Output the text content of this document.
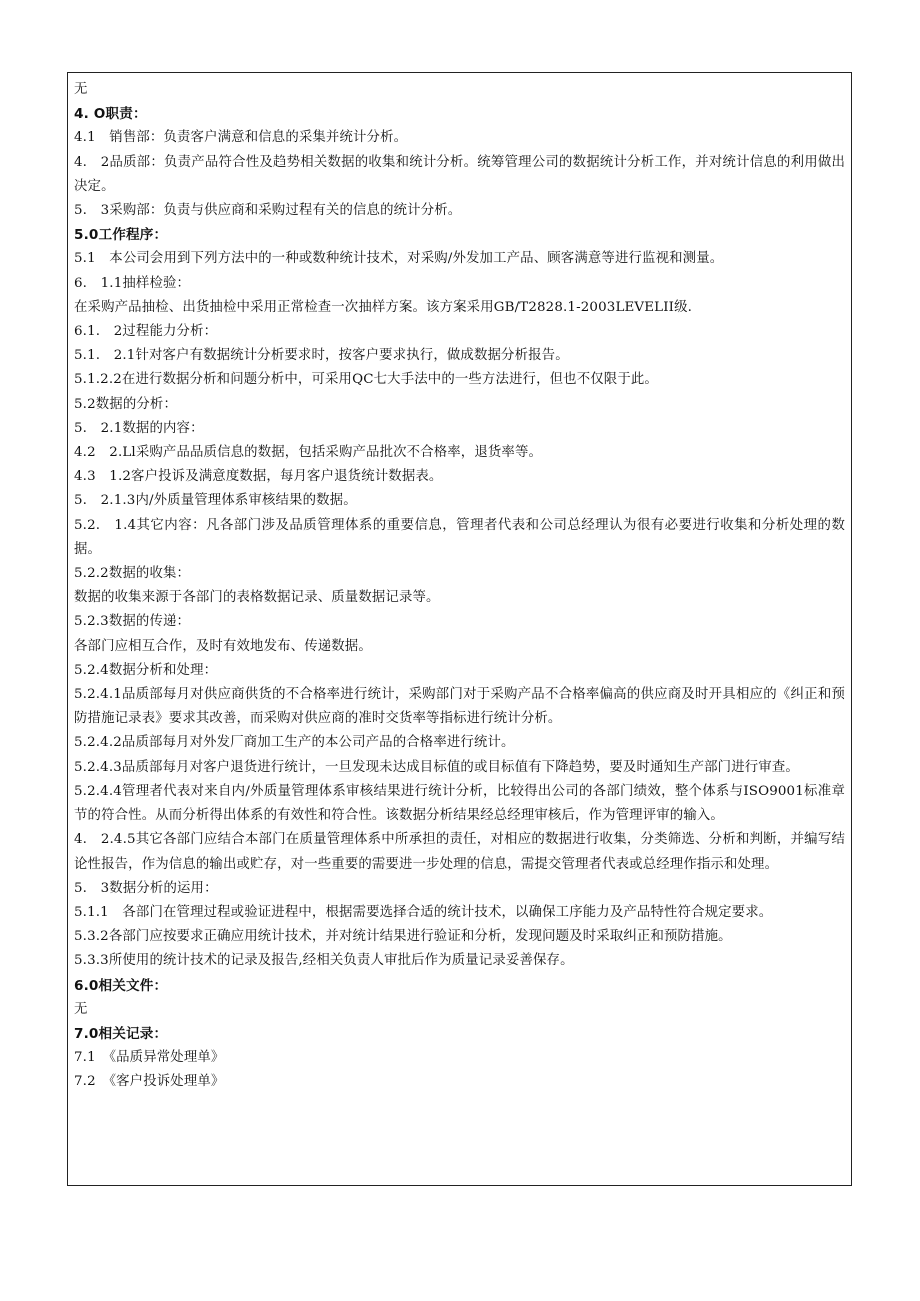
无
4. O职责：
4.1　销售部：负责客户满意和信息的采集并统计分析。
4.　2品质部：负责产品符合性及趋势相关数据的收集和统计分析。统筹管理公司的数据统计分析工作，并对统计信息的利用做出决定。
5.　3采购部：负责与供应商和采购过程有关的信息的统计分析。
5.0工作程序：
5.1　本公司会用到下列方法中的一种或数种统计技术，对采购/外发加工产品、顾客满意等进行监视和测量。
6.　1.1抽样检验：
在采购产品抽检、出货抽检中采用正常检查一次抽样方案。该方案采用GB/T2828.1-2003LEVELII级.
6.1.　2过程能力分析：
5.1.　2.1针对客户有数据统计分析要求时，按客户要求执行，做成数据分析报告。
5.1.2.2在进行数据分析和问题分析中，可采用QC七大手法中的一些方法进行，但也不仅限于此。
5.2数据的分析：
5.　2.1数据的内容：
4.2　2.Ll采购产品品质信息的数据，包括采购产品批次不合格率，退货率等。
4.3　1.2客户投诉及满意度数据，每月客户退货统计数据表。
5.　2.1.3内/外质量管理体系审核结果的数据。
5.2.　1.4其它内容：凡各部门涉及品质管理体系的重要信息，管理者代表和公司总经理认为很有必要进行收集和分析处理的数据。
5.2.2数据的收集：
数据的收集来源于各部门的表格数据记录、质量数据记录等。
5.2.3数据的传递：
各部门应相互合作，及时有效地发布、传递数据。
5.2.4数据分析和处理：
5.2.4.1品质部每月对供应商供货的不合格率进行统计，采购部门对于采购产品不合格率偏高的供应商及时开具相应的《纠正和预防措施记录表》要求其改善，而采购对供应商的准时交货率等指标进行统计分析。
5.2.4.2品质部每月对外发厂商加工生产的本公司产品的合格率进行统计。
5.2.4.3品质部每月对客户退货进行统计，一旦发现未达成目标值的或目标值有下降趋势，要及时通知生产部门进行审查。
5.2.4.4管理者代表对来自内/外质量管理体系审核结果进行统计分析，比较得出公司的各部门绩效，整个体系与ISO9001标准章节的符合性。从而分析得出体系的有效性和符合性。该数据分析结果经总经理审核后，作为管理评审的输入。
4.　2.4.5其它各部门应结合本部门在质量管理体系中所承担的责任，对相应的数据进行收集，分类筛选、分析和判断，并编写结论性报告，作为信息的输出或贮存，对一些重要的需要进一步处理的信息，需提交管理者代表或总经理作指示和处理。
5.　3数据分析的运用：
5.1.1　各部门在管理过程或验证进程中，根据需要选择合适的统计技术，以确保工序能力及产品特性符合规定要求。
5.3.2各部门应按要求正确应用统计技术，并对统计结果进行验证和分析，发现问题及时采取纠正和预防措施。
5.3.3所使用的统计技术的记录及报告,经相关负责人审批后作为质量记录妥善保存。
6.0相关文件：
无
7.0相关记录：
7.1　《品质异常处理单》
7.2　《客户投诉处理单》
